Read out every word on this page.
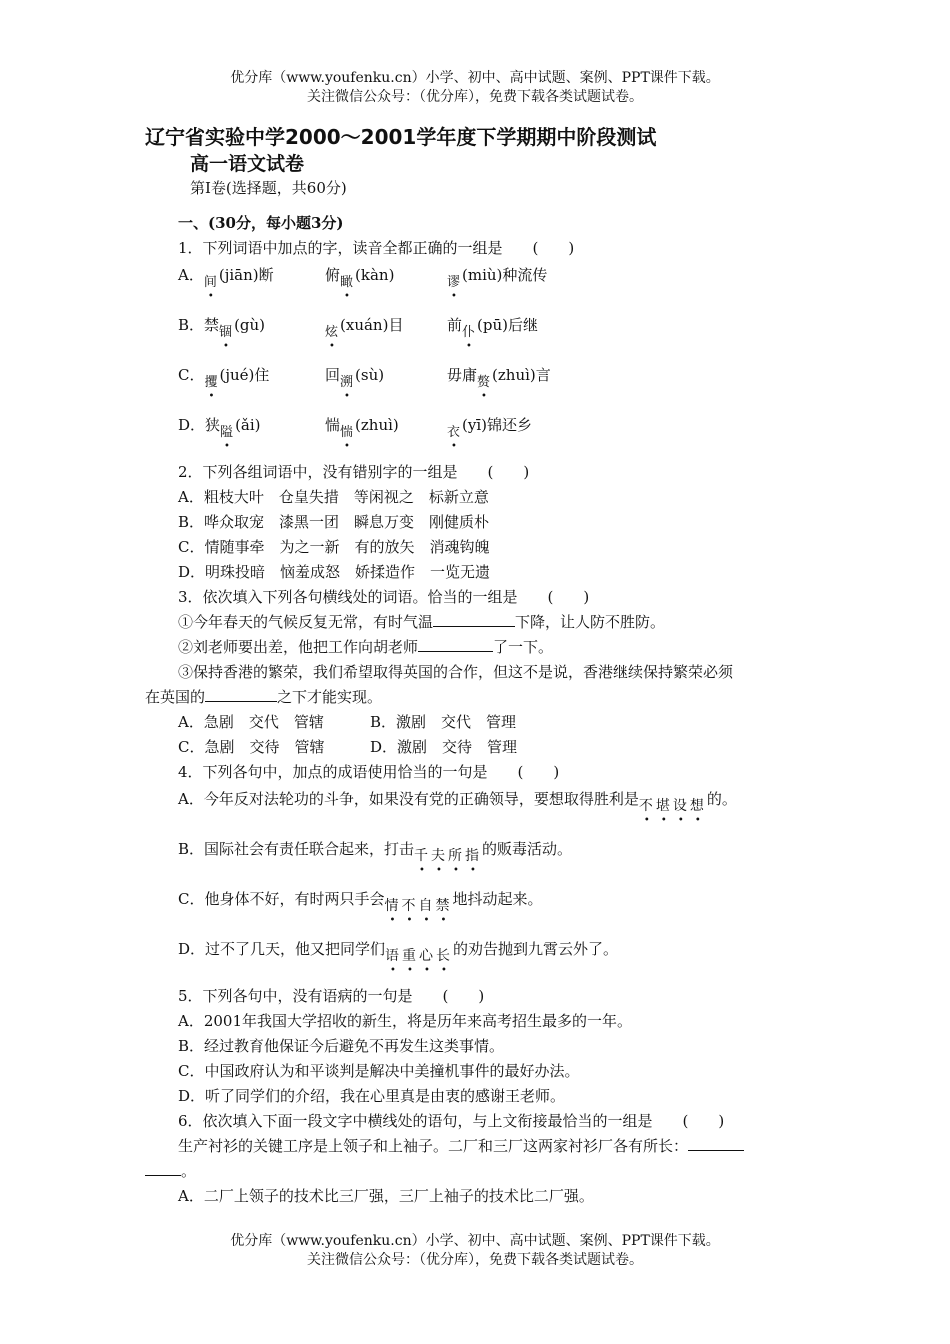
优分库（www.youfenku.cn）小学、初中、高中试题、案例、PPT课件下载。
关注微信公众号：（优分库），免费下载各类试题试卷。
辽宁省实验中学2000～2001学年度下学期期中阶段测试
高一语文试卷
第Ⅰ卷(选择题，共60分)
一、(30分，每小题3分)
1．下列词语中加点的字，读音全都正确的一组是　　(　　)
A．间(jiān)断	俯瞰(kàn)	谬(miù)种流传
B．禁锢(gù)	炫(xuán)目	前仆(pū)后继
C．攫(jué)住	回溯(sù)	毋庸赘(zhuì)言
D．狭隘(ǎi)	惴惴(zhuì)	衣(yī)锦还乡
2．下列各组词语中，没有错别字的一组是　　(　　)
A．粗枝大叶　仓皇失措　等闲视之　标新立意
B．哗众取宠　漆黑一团　瞬息万变　刚健质朴
C．情随事牵　为之一新　有的放矢　消魂钩魄
D．明珠投暗　恼羞成怒　娇揉造作　一览无遗
3．依次填入下列各句横线处的词语。恰当的一组是　　(　　)
①今年春天的气候反复无常，有时气温	下降，让人防不胜防。
②刘老师要出差，他把工作向胡老师	了一下。
③保持香港的繁荣，我们希望取得英国的合作，但这不是说，香港继续保持繁荣必须
在英国的	之下才能实现。
A．急剧　交代　管辖	B．激剧　交代　管理
C．急剧　交待　管辖	D．激剧　交待　管理
4．下列各句中，加点的成语使用恰当的一句是　　(　　)
A．今年反对法轮功的斗争，如果没有党的正确领导，要想取得胜利是不堪设想的。
B．国际社会有责任联合起来，打击千夫所指的贩毒活动。
C．他身体不好，有时两只手会情不自禁地抖动起来。
D．过不了几天，他又把同学们语重心长的劝告抛到九霄云外了。
5．下列各句中，没有语病的一句是　　(　　)
A．2001年我国大学招收的新生，将是历年来高考招生最多的一年。
B．经过教育他保证今后避免不再发生这类事情。
C．中国政府认为和平谈判是解决中美撞机事件的最好办法。
D．听了同学们的介绍，我在心里真是由衷的感谢王老师。
6．依次填入下面一段文字中横线处的语句，与上文衔接最恰当的一组是　　(　　)
生产衬衫的关键工序是上领子和上袖子。二厂和三厂这两家衬衫厂各有所长：
。
A．二厂上领子的技术比三厂强，三厂上袖子的技术比二厂强。
优分库（www.youfenku.cn）小学、初中、高中试题、案例、PPT课件下载。
关注微信公众号：（优分库），免费下载各类试题试卷。
